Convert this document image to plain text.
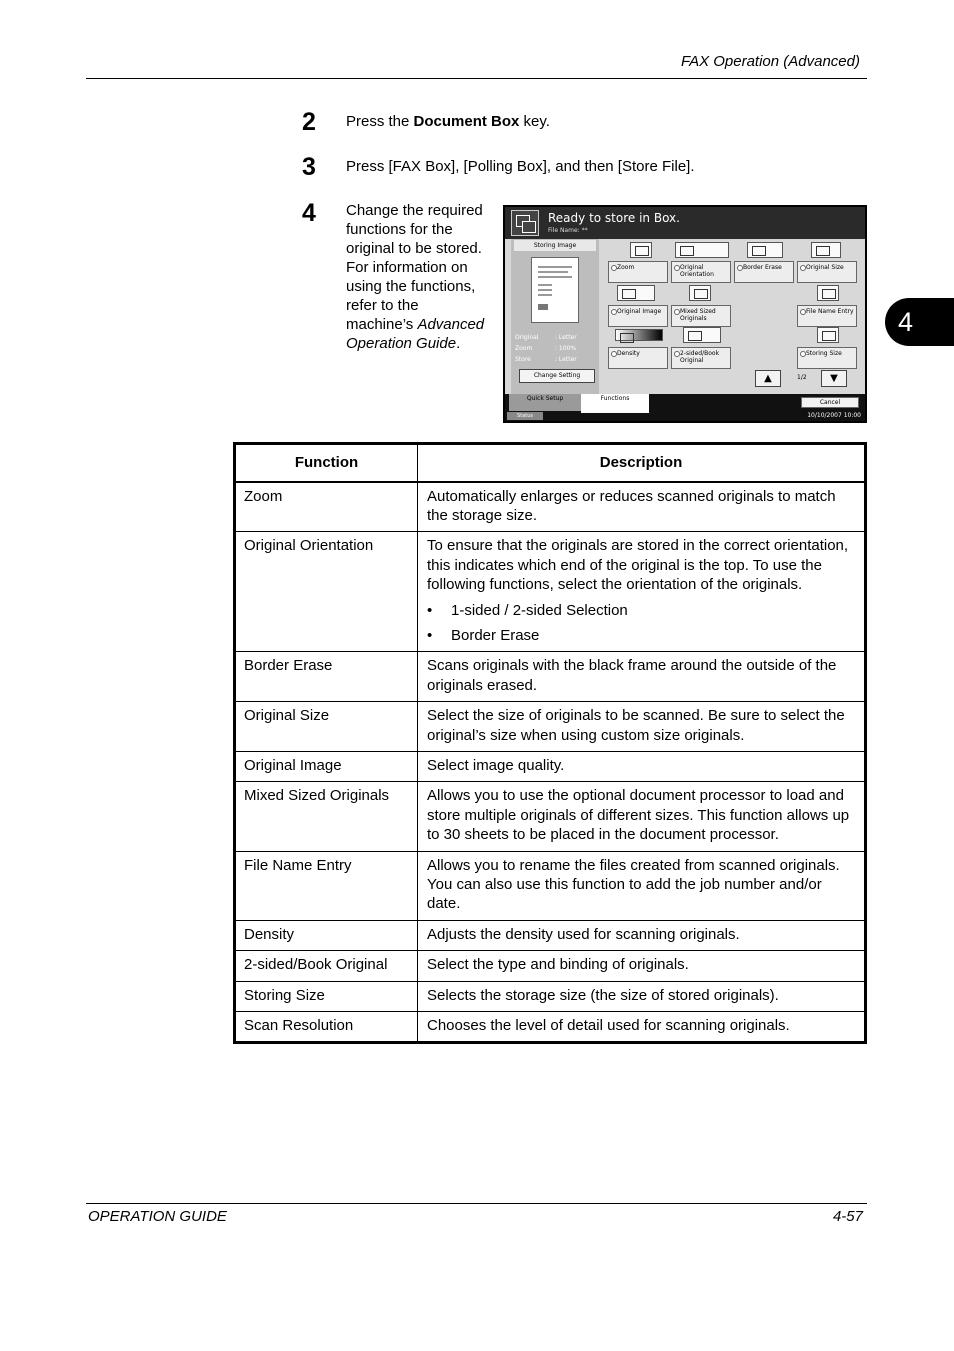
FAX Operation (Advanced)
2 Press the Document Box key.
3 Press [FAX Box], [Polling Box], and then [Store File].
4 Change the required
functions for the
original to be stored.
For information on
using the functions,
refer to the
machine’s Advanced
Operation Guide.
4
Ready to store in Box.
File Name: **
Storing Image
Original	: Letter
Zoom	: 100%
Store	: Letter
Change Setting
Zoom	Original Orientation
Border Erase	Original Size
Original Image	Mixed Sized Originals
File Name Entry
Density	2-sided/Book Original
Storing Size
▲	1/2	▼
Quick Setup	Functions
Cancel
Status	10/10/2007 10:00
Function	Description
Zoom	Automatically enlarges or reduces scanned originals to match the storage size.
Original Orientation	To ensure that the originals are stored in the correct orientation, this indicates which end of the original is the top. To use the following functions, select the orientation of the originals.
• 1-sided / 2-sided Selection
• Border Erase

Border Erase	Scans originals with the black frame around the outside of the originals erased.
Original Size	Select the size of originals to be scanned. Be sure to select the original’s size when using custom size originals.
Original Image	Select image quality.
Mixed Sized Originals	Allows you to use the optional document processor to load and store multiple originals of different sizes. This function allows up to 30 sheets to be placed in the document processor.
File Name Entry	Allows you to rename the files created from scanned originals. You can also use this function to add the job number and/or date.
Density	Adjusts the density used for scanning originals.
2-sided/Book Original	Select the type and binding of originals.
Storing Size	Selects the storage size (the size of stored originals).
Scan Resolution	Chooses the level of detail used for scanning originals.
OPERATION GUIDE	4-57
